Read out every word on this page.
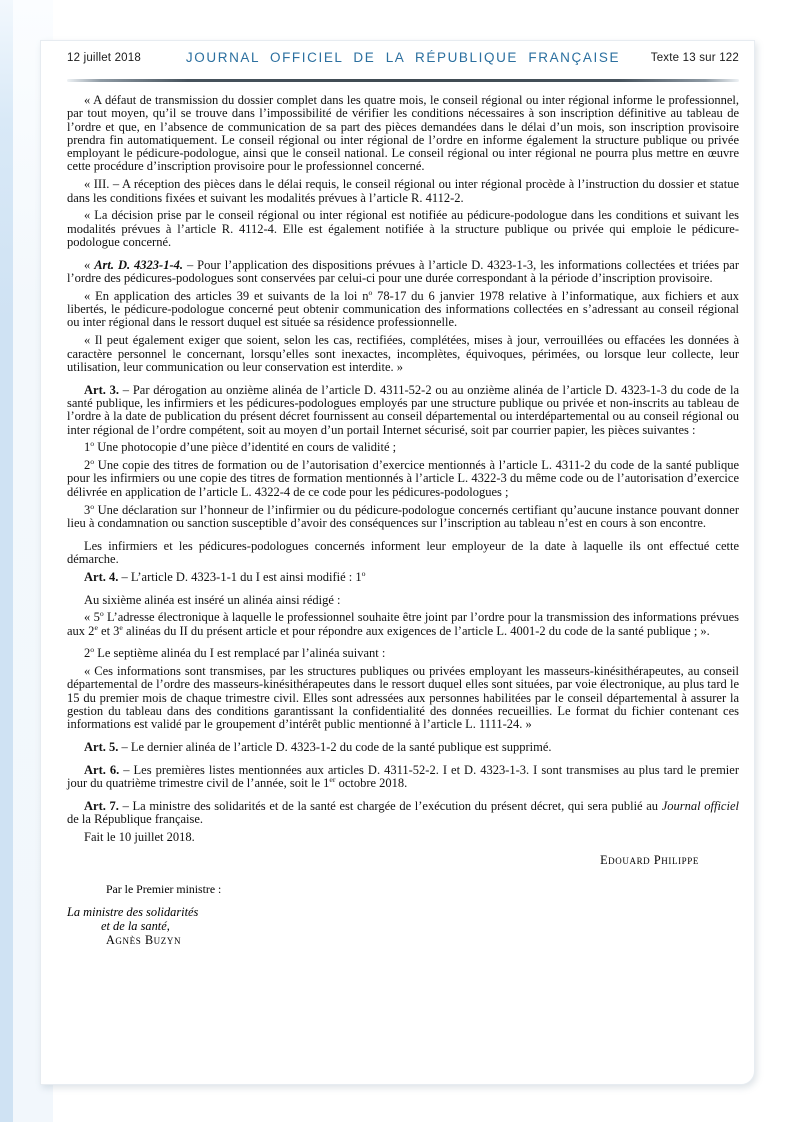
12 juillet 2018	JOURNAL OFFICIEL DE LA RÉPUBLIQUE FRANÇAISE	Texte 13 sur 122

« A défaut de transmission du dossier complet dans les quatre mois, le conseil régional ou inter régional informe le professionnel, par tout moyen, qu’il se trouve dans l’impossibilité de vérifier les conditions nécessaires à son inscription définitive au tableau de l’ordre et que, en l’absence de communication de sa part des pièces demandées dans le délai d’un mois, son inscription provisoire prendra fin automatiquement. Le conseil régional ou inter régional de l’ordre en informe également la structure publique ou privée employant le pédicure-podologue, ainsi que le conseil national. Le conseil régional ou inter régional ne pourra plus mettre en œuvre cette procédure d’inscription provisoire pour le professionnel concerné.

« III. – A réception des pièces dans le délai requis, le conseil régional ou inter régional procède à l’instruction du dossier et statue dans les conditions fixées et suivant les modalités prévues à l’article R. 4112-2.

« La décision prise par le conseil régional ou inter régional est notifiée au pédicure-podologue dans les conditions et suivant les modalités prévues à l’article R. 4112-4. Elle est également notifiée à la structure publique ou privée qui emploie le pédicure-podologue concerné.

« Art. D. 4323-1-4. – Pour l’application des dispositions prévues à l’article D. 4323-1-3, les informations collectées et triées par l’ordre des pédicures-podologues sont conservées par celui-ci pour une durée correspondant à la période d’inscription provisoire.

« En application des articles 39 et suivants de la loi $n^o$ 78-17 du 6 janvier 1978 relative à l’informatique, aux fichiers et aux libertés, le pédicure-podologue concerné peut obtenir communication des informations collectées en s’adressant au conseil régional ou inter régional dans le ressort duquel est située sa résidence professionnelle.

« Il peut également exiger que soient, selon les cas, rectifiées, complétées, mises à jour, verrouillées ou effacées les données à caractère personnel le concernant, lorsqu’elles sont inexactes, incomplètes, équivoques, périmées, ou lorsque leur collecte, leur utilisation, leur communication ou leur conservation est interdite. »

Art. 3. – Par dérogation au onzième alinéa de l’article D. 4311-52-2 ou au onzième alinéa de l’article D. 4323-1-3 du code de la santé publique, les infirmiers et les pédicures-podologues employés par une structure publique ou privée et non-inscrits au tableau de l’ordre à la date de publication du présent décret fournissent au conseil départemental ou interdépartemental ou au conseil régional ou inter régional de l’ordre compétent, soit au moyen d’un portail Internet sécurisé, soit par courrier papier, les pièces suivantes :

1$^o$ Une photocopie d’une pièce d’identité en cours de validité ;

2$^o$ Une copie des titres de formation ou de l’autorisation d’exercice mentionnés à l’article L. 4311-2 du code de la santé publique pour les infirmiers ou une copie des titres de formation mentionnés à l’article L. 4322-3 du même code ou de l’autorisation d’exercice délivrée en application de l’article L. 4322-4 de ce code pour les pédicures-podologues ;

3$^o$ Une déclaration sur l’honneur de l’infirmier ou du pédicure-podologue concernés certifiant qu’aucune instance pouvant donner lieu à condamnation ou sanction susceptible d’avoir des conséquences sur l’inscription au tableau n’est en cours à son encontre.

Les infirmiers et les pédicures-podologues concernés informent leur employeur de la date à laquelle ils ont effectué cette démarche.

Art. 4. – L’article D. 4323-1-1 du I est ainsi modifié : 1$^o$

Au sixième alinéa est inséré un alinéa ainsi rédigé :

« 5$^o$ L’adresse électronique à laquelle le professionnel souhaite être joint par l’ordre pour la transmission des informations prévues aux 2e et 3e alinéas du II du présent article et pour répondre aux exigences de l’article L. 4001-2 du code de la santé publique ; ».

2$^o$ Le septième alinéa du I est remplacé par l’alinéa suivant :

« Ces informations sont transmises, par les structures publiques ou privées employant les masseurs-kinésithérapeutes, au conseil départemental de l’ordre des masseurs-kinésithérapeutes dans le ressort duquel elles sont situées, par voie électronique, au plus tard le 15 du premier mois de chaque trimestre civil. Elles sont adressées aux personnes habilitées par le conseil départemental à assurer la gestion du tableau dans des conditions garantissant la confidentialité des données recueillies. Le format du fichier contenant ces informations est validé par le groupement d’intérêt public mentionné à l’article L. 1111-24. »

Art. 5. – Le dernier alinéa de l’article D. 4323-1-2 du code de la santé publique est supprimé.

Art. 6. – Les premières listes mentionnées aux articles D. 4311-52-2. I et D. 4323-1-3. I sont transmises au plus tard le premier jour du quatrième trimestre civil de l’année, soit le 1er octobre 2018.

Art. 7. – La ministre des solidarités et de la santé est chargée de l’exécution du présent décret, qui sera publié au Journal officiel de la République française.

Fait le 10 juillet 2018.

Edouard Philippe
Par le Premier ministre :
La ministre des solidarités
et de la santé,
Agnès Buzyn
